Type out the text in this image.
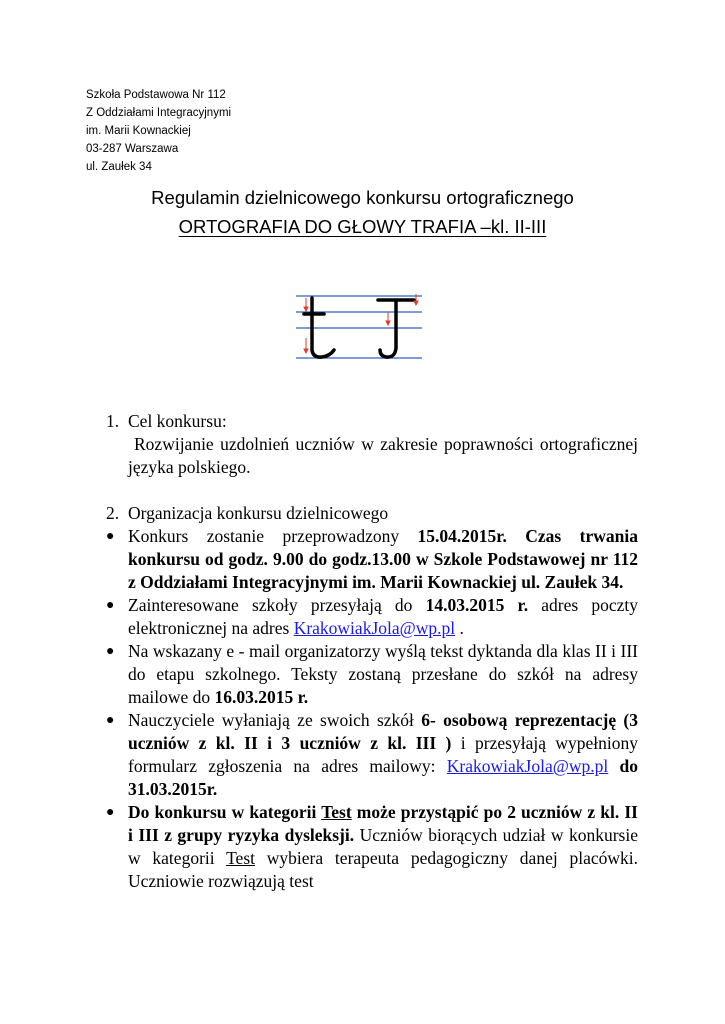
Szkoła Podstawowa Nr 112
Z Oddziałami Integracyjnymi
im. Marii Kownackiej
03-287 Warszawa
ul. Zaułek 34
Regulamin dzielnicowego konkursu ortograficznego
ORTOGRAFIA DO GŁOWY TRAFIA –kl. II-III
1. Cel konkursu:
Rozwijanie uzdolnień uczniów w zakresie poprawności ortograficznej języka polskiego.
2. Organizacja konkursu dzielnicowego
● Konkurs zostanie przeprowadzony 15.04.2015r. Czas trwania konkursu od godz. 9.00 do godz.13.00 w Szkole Podstawowej nr 112 z Oddziałami Integracyjnymi im. Marii Kownackiej ul. Zaułek 34.
● Zainteresowane szkoły przesyłają do 14.03.2015 r. adres poczty elektronicznej na adres KrakowiakJola@wp.pl .
● Na wskazany e - mail organizatorzy wyślą tekst dyktanda dla klas II i III do etapu szkolnego. Teksty zostaną przesłane do szkół na adresy mailowe do 16.03.2015 r.
● Nauczyciele wyłaniają ze swoich szkół 6- osobową reprezentację (3 uczniów z kl. II i 3 uczniów z kl. III ) i przesyłają wypełniony formularz zgłoszenia na adres mailowy: KrakowiakJola@wp.pl do 31.03.2015r.
● Do konkursu w kategorii Test może przystąpić po 2 uczniów z kl. II i III z grupy ryzyka dysleksji. Uczniów biorących udział w konkursie w kategorii Test wybiera terapeuta pedagogiczny danej placówki. Uczniowie rozwiązują test
